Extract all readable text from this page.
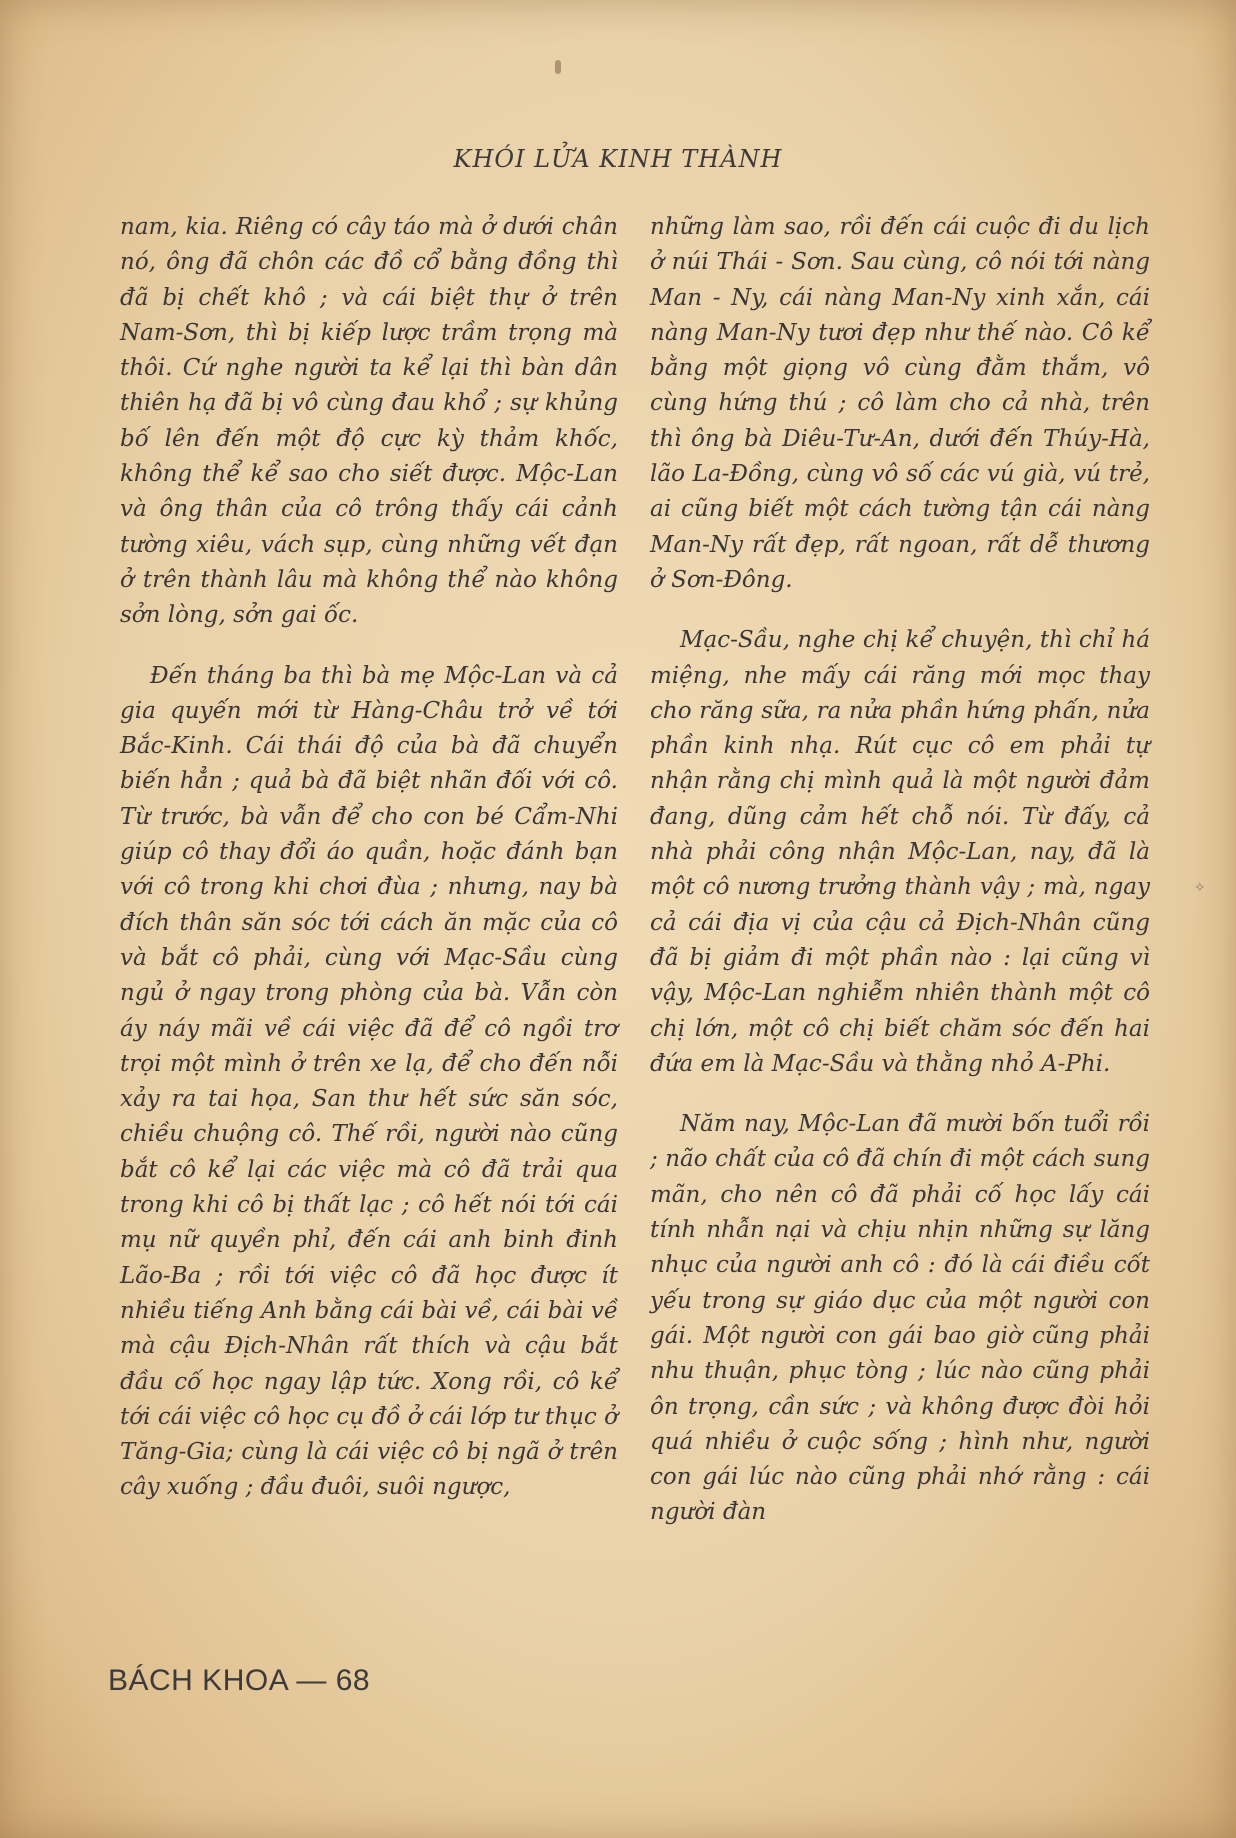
KHÓI LỬA KINH THÀNH

nam, kia. Riêng có cây táo mà ở dưới chân nó, ông đã chôn các đồ cổ bằng đồng thì đã bị chết khô ; và cái biệt thự ở trên Nam-Sơn, thì bị kiếp lược trầm trọng mà thôi. Cứ nghe người ta kể lại thì bàn dân thiên hạ đã bị vô cùng đau khổ ; sự khủng bố lên đến một độ cực kỳ thảm khốc, không thể kể sao cho siết được. Mộc-Lan và ông thân của cô trông thấy cái cảnh tường xiêu, vách sụp, cùng những vết đạn ở trên thành lâu mà không thể nào không sởn lòng, sởn gai ốc.

Đến tháng ba thì bà mẹ Mộc-Lan và cả gia quyến mới từ Hàng-Châu trở về tới Bắc-Kinh. Cái thái độ của bà đã chuyển biến hẳn ; quả bà đã biệt nhãn đối với cô. Từ trước, bà vẫn để cho con bé Cẩm-Nhi giúp cô thay đổi áo quần, hoặc đánh bạn với cô trong khi chơi đùa ; nhưng, nay bà đích thân săn sóc tới cách ăn mặc của cô và bắt cô phải, cùng với Mạc-Sầu cùng ngủ ở ngay trong phòng của bà. Vẫn còn áy náy mãi về cái việc đã để cô ngồi trơ trọi một mình ở trên xe lạ, để cho đến nỗi xảy ra tai họa, San thư hết sức săn sóc, chiều chuộng cô. Thế rồi, người nào cũng bắt cô kể lại các việc mà cô đã trải qua trong khi cô bị thất lạc ; cô hết nói tới cái mụ nữ quyền phỉ, đến cái anh binh đinh Lão-Ba ; rồi tới việc cô đã học được ít nhiều tiếng Anh bằng cái bài về, cái bài về mà cậu Địch-Nhân rất thích và cậu bắt đầu cố học ngay lập tức. Xong rồi, cô kể tới cái việc cô học cụ đồ ở cái lớp tư thục ở Tăng-Gia; cùng là cái việc cô bị ngã ở trên cây xuống ; đầu đuôi, suôi ngược,

những làm sao, rồi đến cái cuộc đi du lịch ở núi Thái - Sơn. Sau cùng, cô nói tới nàng Man - Ny, cái nàng Man-Ny xinh xắn, cái nàng Man-Ny tươi đẹp như thế nào. Cô kể bằng một giọng vô cùng đằm thắm, vô cùng hứng thú ; cô làm cho cả nhà, trên thì ông bà Diêu-Tư-An, dưới đến Thúy-Hà, lão La-Đồng, cùng vô số các vú già, vú trẻ, ai cũng biết một cách tường tận cái nàng Man-Ny rất đẹp, rất ngoan, rất dễ thương ở Sơn-Đông.

Mạc-Sầu, nghe chị kể chuyện, thì chỉ há miệng, nhe mấy cái răng mới mọc thay cho răng sữa, ra nửa phần hứng phấn, nửa phần kinh nhạ. Rút cục cô em phải tự nhận rằng chị mình quả là một người đảm đang, dũng cảm hết chỗ nói. Từ đấy, cả nhà phải công nhận Mộc-Lan, nay, đã là một cô nương trưởng thành vậy ; mà, ngay cả cái địa vị của cậu cả Địch-Nhân cũng đã bị giảm đi một phần nào : lại cũng vì vậy, Mộc-Lan nghiễm nhiên thành một cô chị lớn, một cô chị biết chăm sóc đến hai đứa em là Mạc-Sầu và thằng nhỏ A-Phi.

Năm nay, Mộc-Lan đã mười bốn tuổi rồi ; não chất của cô đã chín đi một cách sung mãn, cho nên cô đã phải cố học lấy cái tính nhẫn nại và chịu nhịn những sự lăng nhục của người anh cô : đó là cái điều cốt yếu trong sự giáo dục của một người con gái. Một người con gái bao giờ cũng phải nhu thuận, phục tòng ; lúc nào cũng phải ôn trọng, cần sức ; và không được đòi hỏi quá nhiều ở cuộc sống ; hình như, người con gái lúc nào cũng phải nhớ rằng : cái người đàn

✧
BÁCH KHOA — 68
